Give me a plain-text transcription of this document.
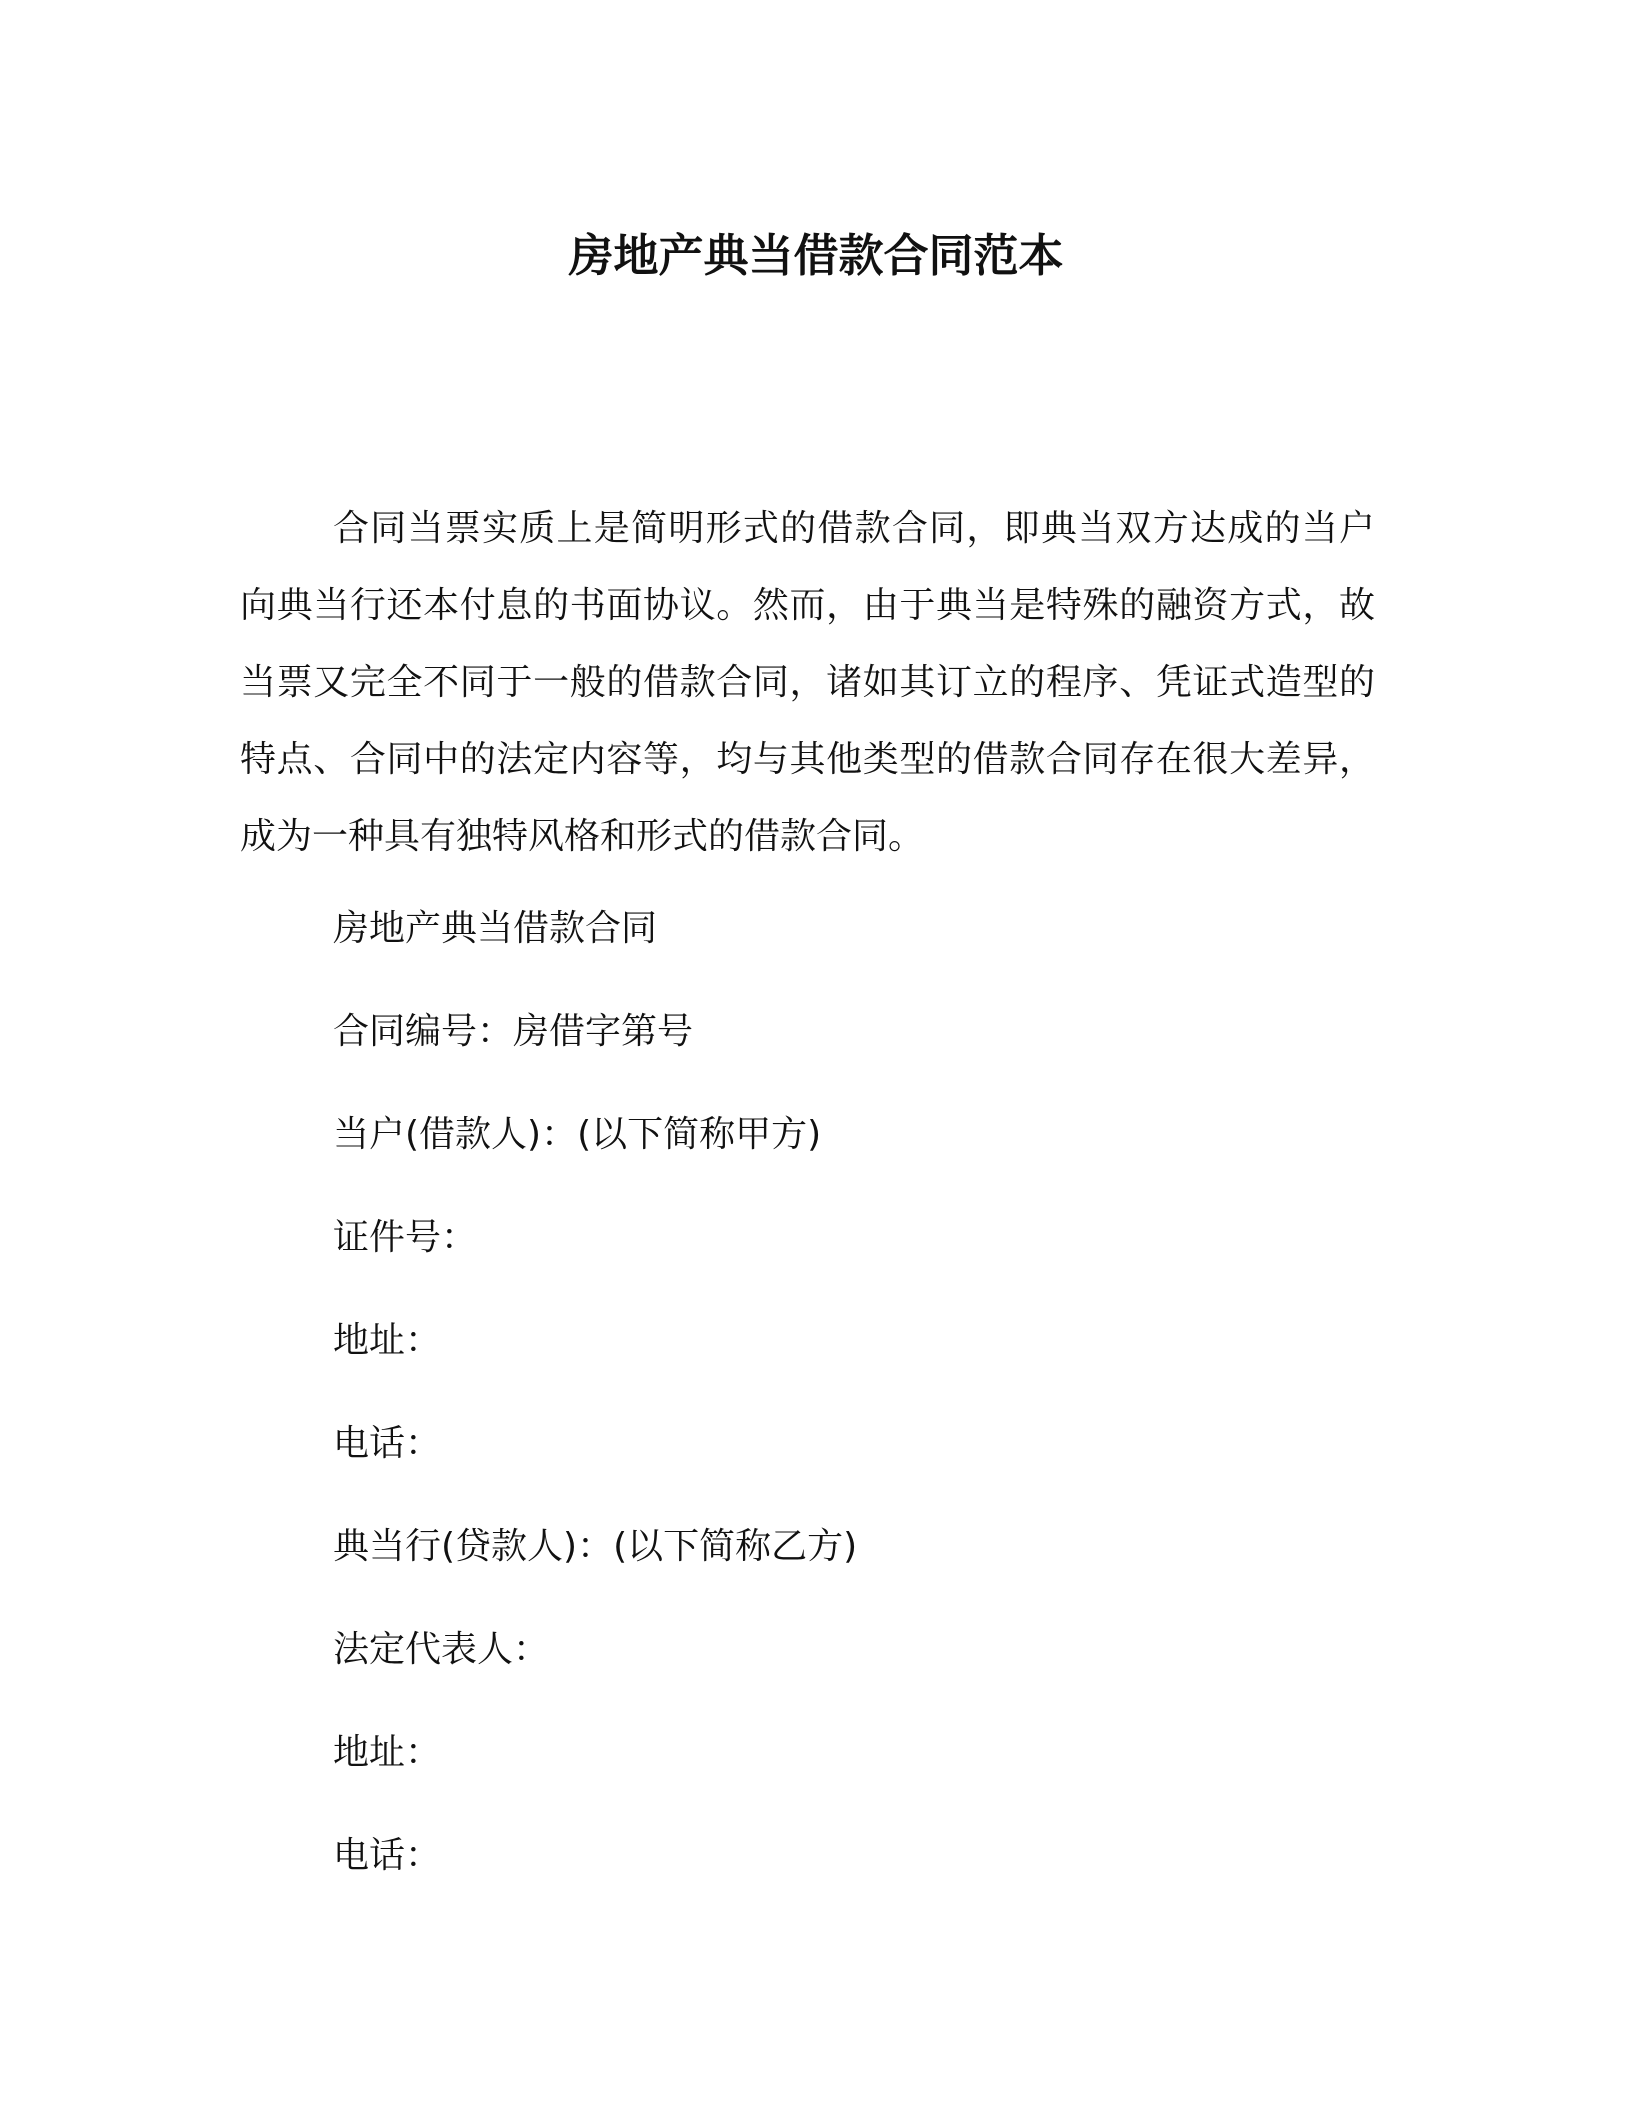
房地产典当借款合同范本

合同当票实质上是简明形式的借款合同，即典当双方达成的当户向典当行还本付息的书面协议。然而，由于典当是特殊的融资方式，故当票又完全不同于一般的借款合同，诸如其订立的程序、凭证式造型的特点、合同中的法定内容等，均与其他类型的借款合同存在很大差异，成为一种具有独特风格和形式的借款合同。

房地产典当借款合同

合同编号：房借字第号

当户(借款人)：(以下简称甲方)

证件号：

地址：

电话：

典当行(贷款人)：(以下简称乙方)

法定代表人：

地址：

电话：
